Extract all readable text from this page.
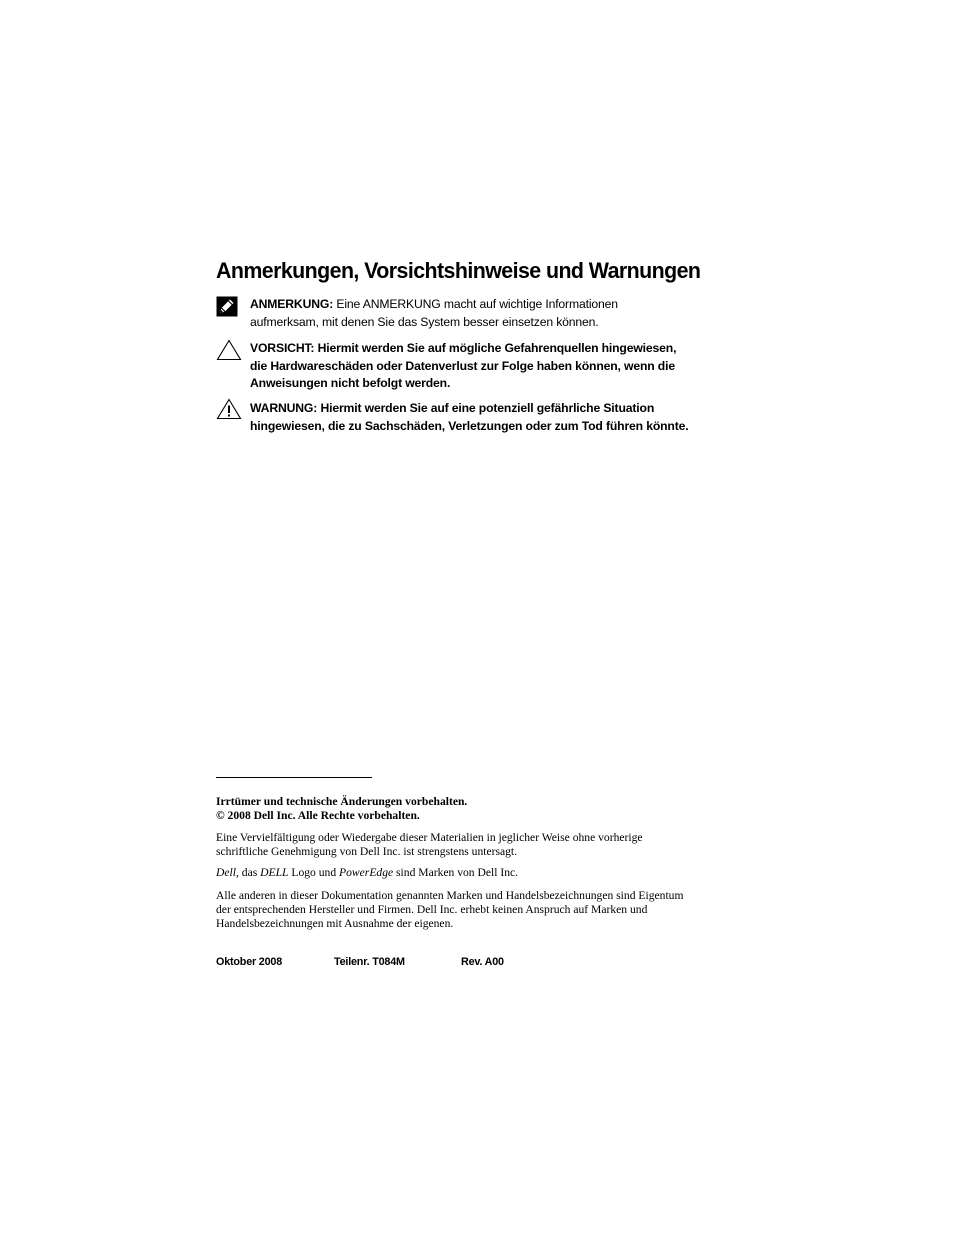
Anmerkungen, Vorsichtshinweise und Warnungen
ANMERKUNG: Eine ANMERKUNG macht auf wichtige Informationen
aufmerksam, mit denen Sie das System besser einsetzen können.
VORSICHT: Hiermit werden Sie auf mögliche Gefahrenquellen hingewiesen,
die Hardwareschäden oder Datenverlust zur Folge haben können, wenn die
Anweisungen nicht befolgt werden.
WARNUNG: Hiermit werden Sie auf eine potenziell gefährliche Situation
hingewiesen, die zu Sachschäden, Verletzungen oder zum Tod führen könnte.

Irrtümer und technische Änderungen vorbehalten.

© 2008 Dell Inc. Alle Rechte vorbehalten.

Eine Vervielfältigung oder Wiedergabe dieser Materialien in jeglicher Weise ohne vorherige

schriftliche Genehmigung von Dell Inc. ist strengstens untersagt.

Dell, das DELL Logo und PowerEdge sind Marken von Dell Inc.

Alle anderen in dieser Dokumentation genannten Marken und Handelsbezeichnungen sind Eigentum

der entsprechenden Hersteller und Firmen. Dell Inc. erhebt keinen Anspruch auf Marken und

Handelsbezeichnungen mit Ausnahme der eigenen.

Oktober 2008	Teilenr. T084M	Rev. A00
